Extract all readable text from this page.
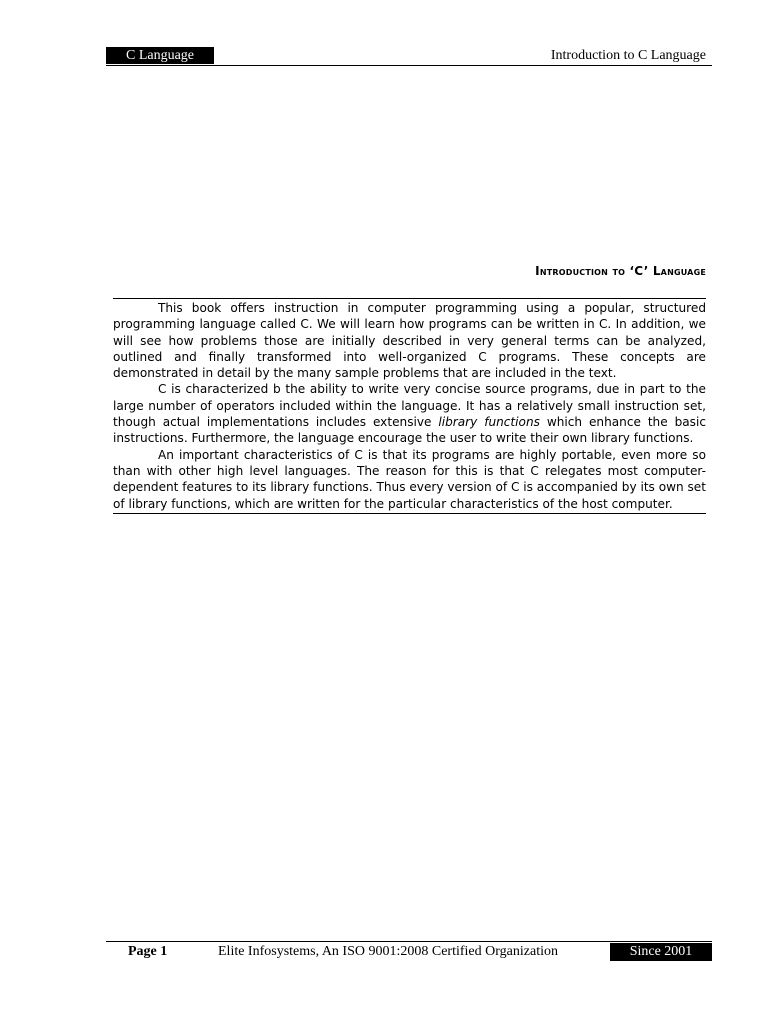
C Language	Introduction to C Language
Introduction to ‘C’ Language

This book offers instruction in computer programming using a popular, structured programming language called C. We will learn how programs can be written in C. In addition, we will see how problems those are initially described in very general terms can be analyzed, outlined and finally transformed into well-organized C programs. These concepts are demonstrated in detail by the many sample problems that are included in the text.

C is characterized b the ability to write very concise source programs, due in part to the large number of operators included within the language. It has a relatively small instruction set, though actual implementations includes extensive library functions which enhance the basic instructions. Furthermore, the language encourage the user to write their own library functions.

An important characteristics of C is that its programs are highly portable, even more so than with other high level languages. The reason for this is that C relegates most computer-dependent features to its library functions. Thus every version of C is accompanied by its own set of library functions, which are written for the particular characteristics of the host computer.

Page 1	Elite Infosystems, An ISO 9001:2008 Certified Organization	Since 2001
